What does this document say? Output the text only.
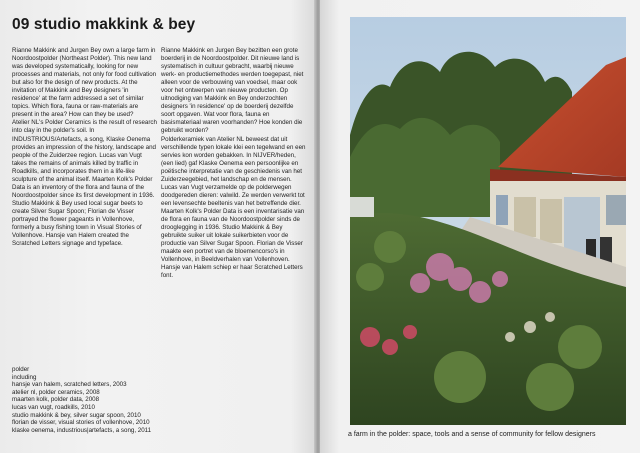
09 studio makkink & bey

Rianne Makkink and Jurgen Bey own a large farm in Noordoostpolder (Northeast Polder). This new land was developed systematically, looking for new processes and materials, not only for food cultivation but also for the design of new products. At the invitation of Makkink and Bey designers 'in residence' at the farm addressed a set of similar topics. Which flora, fauna or raw-materials are present in the area? How can they be used?

Atelier NL's Polder Ceramics is the result of research into clay in the polder's soil. In INDUSTRIOUS/Artefacts, a song, Klaske Oenema provides an impression of the history, landscape and people of the Zuiderzee region. Lucas van Vugt takes the remains of animals killed by traffic in Roadkills, and incorporates them in a life-like sculpture of the animal itself. Maarten Kolk's Polder Data is an inventory of the flora and fauna of the Noordoostpolder since its first development in 1936. Studio Makkink & Bey used local sugar beets to create Silver Sugar Spoon; Florian de Visser portrayed the flower pageants in Vollenhove, formerly a busy fishing town in Visual Stories of Vollenhove. Hansje van Halem created the Scratched Letters signage and typeface.

Rianne Makkink en Jurgen Bey bezitten een grote boerderij in de Noordoostpolder. Dit nieuwe land is systematisch in cultuur gebracht, waarbij nieuwe werk- en productiemethodes werden toegepast, niet alleen voor de verbouwing van voedsel, maar ook voor het ontwerpen van nieuwe producten. Op uitnodiging van Makkink en Bey onderzochten designers 'in residence' op de boerderij dezelfde soort opgaven. Wat voor flora, fauna en basismateriaal waren voorhanden? Hoe konden die gebruikt worden?

Polderkeramiek van Atelier NL beweest dat uit verschillende typen lokale klei een tegelwand en een servies kon worden gebakken. In NIJVER/heden, (een lied) gaf Klaske Oenema een persoonlijke en poëtische interpretatie van de geschiedenis van het Zuiderzeegebied, het landschap en de mensen. Lucas van Vugt verzamelde op de polderwegen doodgereden dieren: valwild. Ze werden verwerkt tot een levensechte beeltenis van het betreffende dier. Maarten Kolk's Polder Data is een inventarisatie van de flora en fauna van de Noordoostpolder sinds de drooglegging in 1936. Studio Makkink & Bey gebruikte suiker uit lokale suikerbieten voor de productie van Silver Sugar Spoon. Florian de Visser maakte een portret van de bloemencorso's in Vollenhove, in Beeldverhalen van Vollenhoven. Hansje van Halem schiep er haar Scratched Letters font.

polder
including
hansje van halem, scratched letters, 2003
atelier nl, polder ceramics, 2008
maarten kolk, polder data, 2008
lucas van vugt, roadkills, 2010
studio makkink & bey, silver sugar spoon, 2010
florian de visser, visual stories of vollenhove, 2010
klaske oenema, industrious|artefacts, a song, 2011
a farm in the polder: space, tools and a sense of community for fellow designers
